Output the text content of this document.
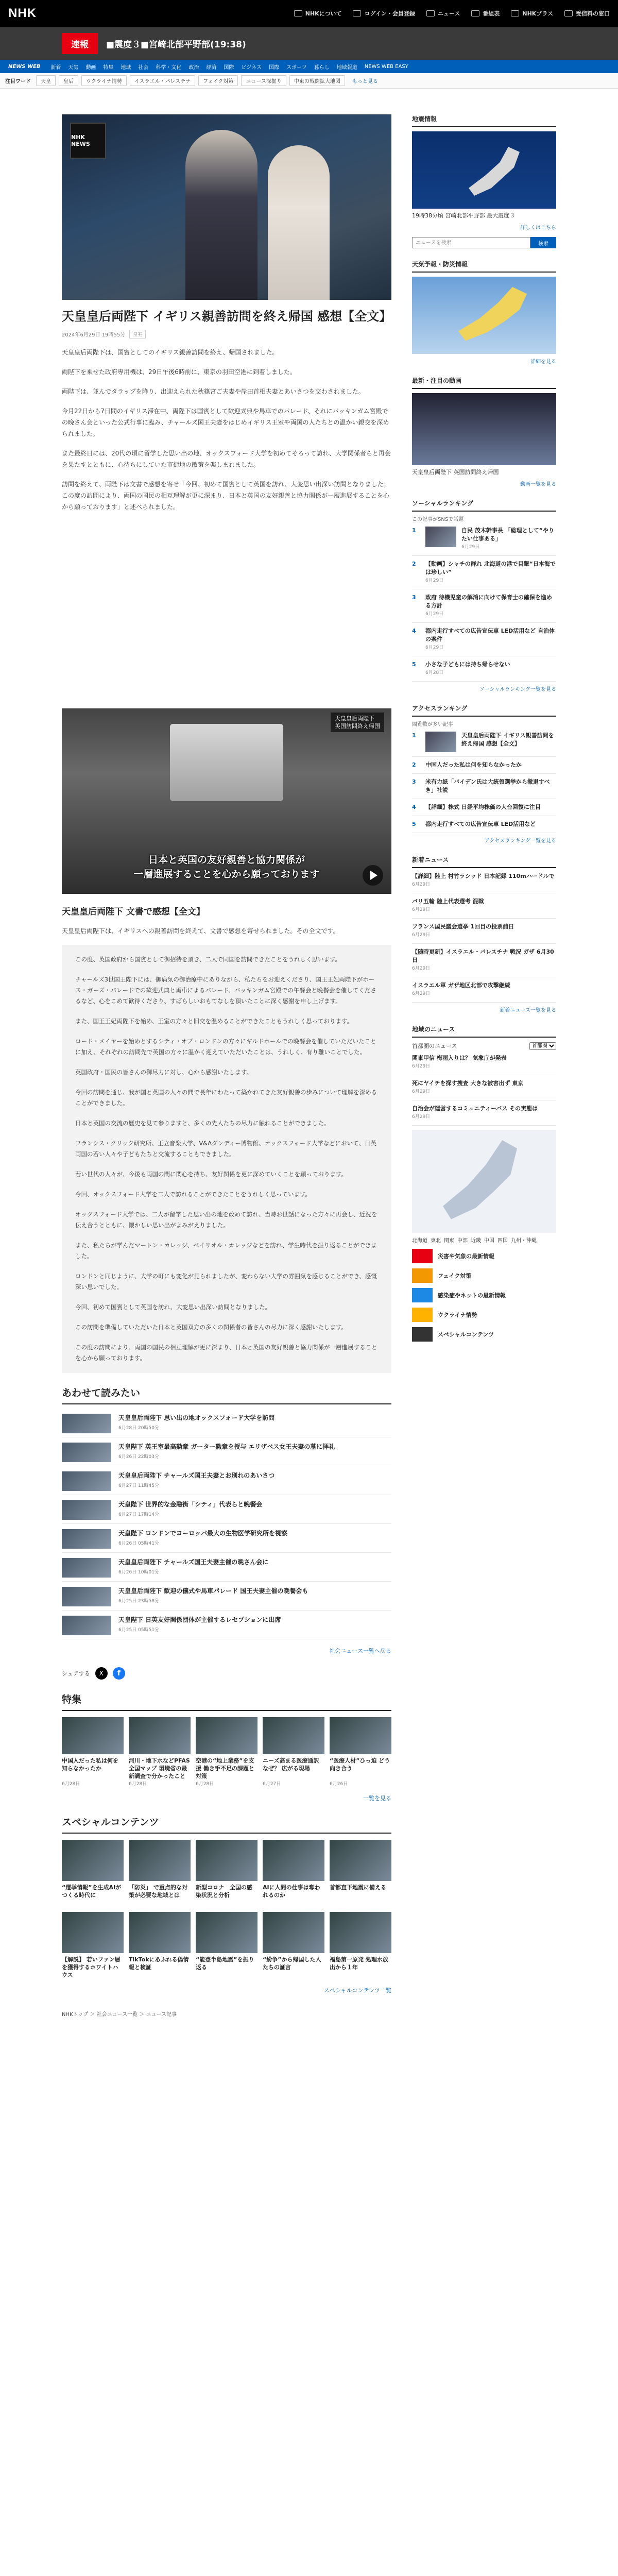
NHK	NHKについて	ログイン・会員登録	ニュース	番組表	NHKプラス	受信料の窓口
速報	■震度３■宮崎北部平野部(19:38)
NEWS WEB 新着 天気 動画 特集 地域 社会 科学・文化 政治 経済 国際 ビジネス 国際 スポーツ 暮らし 地域報道 NEWS WEB EASY
注目ワード	天皇	皇后	ウクライナ情勢	イスラエル・パレスチナ	フェイク対策	ニュース深掘り	中東の戦闘拡大地図	もっと見る
NHK NEWS
天皇皇后両陛下 イギリス親善訪問を終え帰国 感想【全文】
2024年6月29日 19時55分	皇室

天皇皇后両陛下は、国賓としてのイギリス親善訪問を終え、帰国されました。

両陛下を乗せた政府専用機は、29日午後6時前に、東京の羽田空港に到着しました。

両陛下は、並んでタラップを降り、出迎えられた秋篠宮ご夫妻や岸田首相夫妻とあいさつを交わされました。

今月22日から7日間のイギリス滞在中、両陛下は国賓として歓迎式典や馬車でのパレード、それにバッキンガム宮殿での晩さん会といった公式行事に臨み、チャールズ国王夫妻をはじめイギリス王室や両国の人たちとの温かい親交を深められました。

また最終日には、20代の頃に留学した思い出の地、オックスフォード大学を初めてそろって訪れ、大学関係者らと再会を果たすとともに、心待ちにしていた市街地の散策を楽しまれました。

訪問を終えて、両陛下は文書で感想を寄せ「今回、初めて国賓として英国を訪れ、大変思い出深い訪問となりました。この度の訪問により、両国の国民の相互理解が更に深まり、日本と英国の友好親善と協力関係が一層進展することを心から願っております」と述べられました。

天皇皇后両陛下
英国訪問終え帰国
日本と英国の友好親善と協力関係が
一層進展することを心から願っております
天皇皇后両陛下 文書で感想【全文】

天皇皇后両陛下は、イギリスへの親善訪問を終えて、文書で感想を寄せられました。その全文です。

この度、英国政府から国賓として御招待を頂き、二人で同国を訪問できたことをうれしく思います。

チャールズ3世国王陛下には、御病気の御治療中にありながら、私たちをお迎えくださり、国王王妃両陛下がホース・ガーズ・パレードでの歓迎式典と馬車によるパレード、バッキンガム宮殿での午餐会と晩餐会を催してくださるなど、心をこめて歓待くださり、すばらしいおもてなしを頂いたことに深く感謝を申し上げます。

また、国王王妃両陛下を始め、王室の方々と旧交を温めることができたこともうれしく思っております。

ロード・メイヤーを始めとするシティ・オブ・ロンドンの方々にギルドホールでの晩餐会を催していただいたことに加え、それぞれの訪問先で英国の方々に温かく迎えていただいたことは、うれしく、有り難いことでした。

英国政府・国民の皆さんの御尽力に対し、心から感謝いたします。

今回の訪問を通じ、我が国と英国の人々の間で長年にわたって築かれてきた友好親善の歩みについて理解を深めることができました。

日本と英国の交流の歴史を見て参りますと、多くの先人たちの尽力に触れることができました。

フランシス・クリック研究所、王立音楽大学、V&Aダンディー博物館、オックスフォード大学などにおいて、日英両国の若い人々や子どもたちと交流することもできました。

若い世代の人々が、今後も両国の間に関心を持ち、友好関係を更に深めていくことを願っております。

今回、オックスフォード大学を二人で訪れることができたことをうれしく思っています。

オックスフォード大学では、二人が留学した思い出の地を改めて訪れ、当時お世話になった方々に再会し、近況を伝え合うとともに、懐かしい思い出がよみがえりました。

また、私たちが学んだマートン・カレッジ、ベイリオル・カレッジなどを訪れ、学生時代を振り返ることができました。

ロンドンと同じように、大学の町にも変化が見られましたが、変わらない大学の雰囲気を感じることができ、感慨深い思いでした。

今回、初めて国賓として英国を訪れ、大変思い出深い訪問となりました。

この訪問を準備していただいた日本と英国双方の多くの関係者の皆さんの尽力に深く感謝いたします。

この度の訪問により、両国の国民の相互理解が更に深まり、日本と英国の友好親善と協力関係が一層進展することを心から願っております。

あわせて読みたい
天皇皇后両陛下 思い出の地オックスフォード大学を訪問
6月28日 20時50分
天皇陛下 英王室最高勲章 ガーター勲章を授与 エリザベス女王夫妻の墓に拝礼
6月26日 22時03分
天皇皇后両陛下 チャールズ国王夫妻とお別れのあいさつ
6月27日 11時45分
天皇陛下 世界的な金融街「シティ」代表らと晩餐会
6月27日 17時14分
天皇陛下 ロンドンでヨーロッパ最大の生物医学研究所を視察
6月26日 05時41分
天皇皇后両陛下 チャールズ国王夫妻主催の晩さん会に
6月26日 10時01分
天皇皇后両陛下 歓迎の儀式や馬車パレード 国王夫妻主催の晩餐会も
6月25日 23時58分
天皇陛下 日英友好関係団体が主催するレセプションに出席
6月25日 05時51分
社会ニュース一覧へ戻る
シェアする	X	f
特集
中国人だった私は何を知らなかったか
6月28日
河川・地下水などPFAS全国マップ 環境省の最新調査で分かったこと
6月28日
空港の“地上業務”を支援 働き手不足の課題と対策
6月28日
ニーズ高まる医療通訳 なぜ？ 広がる現場
6月27日
“医療人材”ひっ迫 どう向き合う
6月26日
一覧を見る
スペシャルコンテンツ
“選挙情報”を生成AIがつくる時代に
「防災」 で重点的な対策が必要な地域とは
新型コロナ　全国の感染状況と分析
AIに人間の仕事は奪われるのか
首都直下地震に備える
【解説】 若いファン層を獲得するホワイトハウス
TikTokにあふれる偽情報と検証
“能登半島地震”を振り返る
“紛争”から帰国した人たちの証言
福島第一原発 処理水放出から１年
スペシャルコンテンツ一覧
NHKトップ ＞ 社会ニュース一覧 ＞ ニュース記事
地震情報
19時38分頃 宮崎北部平野部 最大震度３
詳しくはこちら
ニュースを検索
検索
天気予報・防災情報
詳細を見る
最新・注目の動画
天皇皇后両陛下 英国訪問終え帰国
動画一覧を見る
ソーシャルランキング
この記事がSNSで話題
1	自民 茂木幹事長 「総理として“やりたい仕事ある」
6月29日
2	【動画】シャチの群れ 北海道の港で目撃“日本海では珍しい”
6月29日
3	政府 待機児童の解消に向けて保育士の確保を進める方針
6月29日
4	都内走行すべての広告宣伝車 LED活用など 自治体の案件
6月29日
5	小さな子どもには持ち帰らせない
6月28日
ソーシャルランキング一覧を見る
アクセスランキング
閲覧数が多い記事
1	天皇皇后両陛下 イギリス親善訪問を終え帰国 感想【全文】
2	中国人だった私は何を知らなかったか
3	米有力紙「バイデン氏は大統領選挙から撤退すべき」社説
4	【詳細】株式 日経平均株価の大台回復に注目
5	都内走行すべての広告宣伝車 LED活用など
アクセスランキング一覧を見る
新着ニュース
【詳細】陸上 村竹ラシッド 日本記録 110mハードルで
6月29日
パリ五輪 陸上代表選考 混戦
6月29日
フランス国民議会選挙 1回目の投票前日
6月29日
【随時更新】イスラエル・パレスチナ 戦況 ガザ 6月30日
6月29日
イスラエル軍 ガザ地区北部で攻撃継続
6月29日
新着ニュース一覧を見る
地域のニュース
首都圏のニュース
首都圏
関東甲信 梅雨入りは？ 気象庁が発表
6月29日
死にヤイチを探す捜査 大きな被害出ず 東京
6月29日
自治会が運営するコミュニティーバス その実態は
6月29日
北海道 東北 関東 中部 近畿 中国 四国 九州・沖縄
災害や気象の最新情報
フェイク対策
感染症やネットの最新情報
ウクライナ情勢
スペシャルコンテンツ
